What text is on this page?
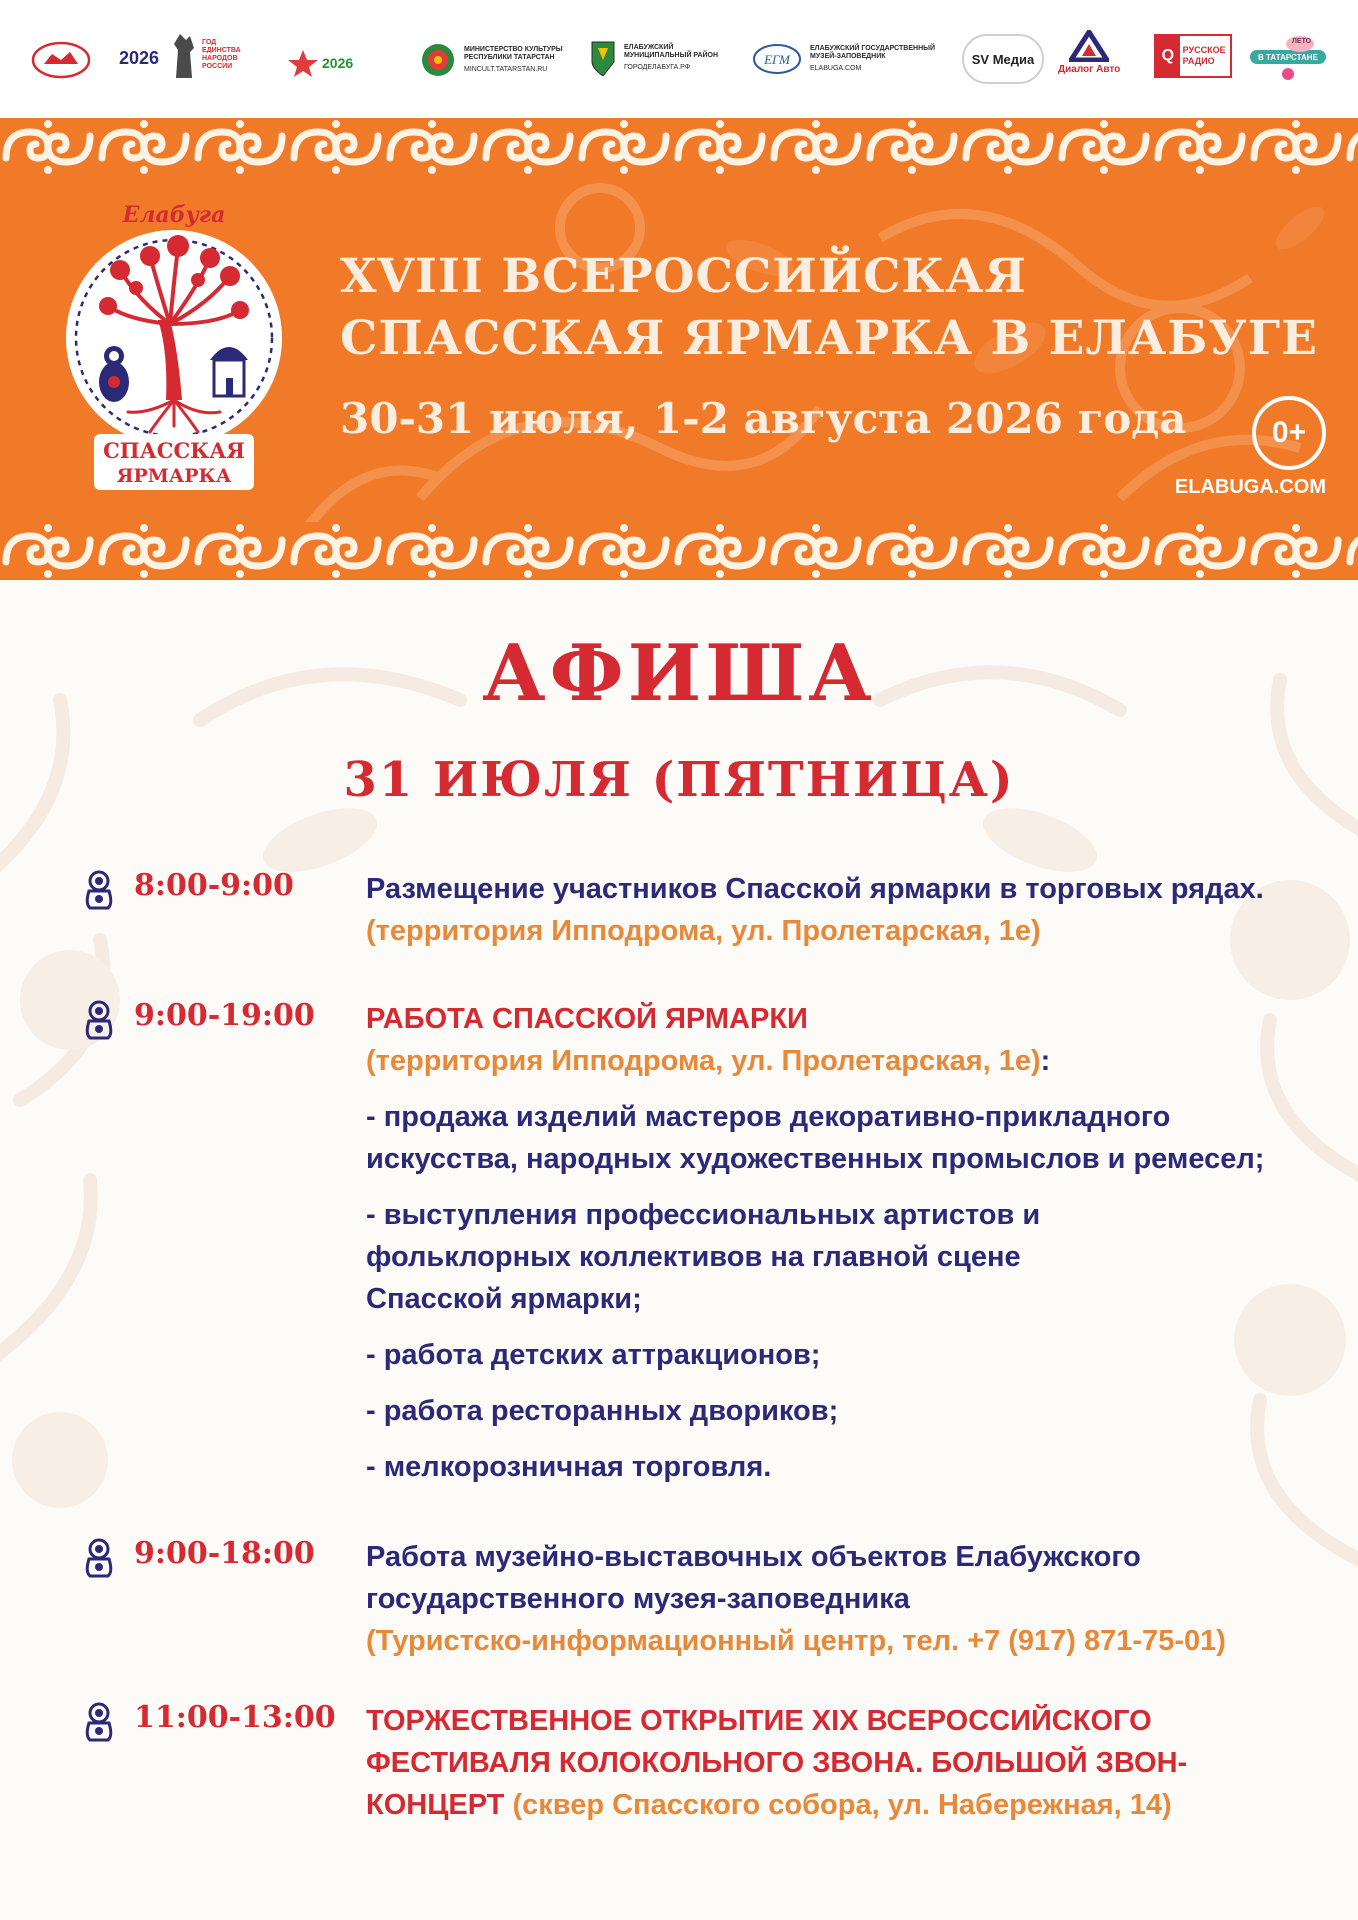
2026
ГОД ЕДИНСТВА НАРОДОВ РОССИИ	2026
МИНИСТЕРСТВО КУЛЬТУРЫ РЕСПУБЛИКИ ТАТАРСТАН
MINCULT.TATARSTAN.RU
ЕЛАБУЖСКИЙ МУНИЦИПАЛЬНЫЙ РАЙОН
ГОРОДЕЛАБУГА.РФ
ЕГМ
ЕЛАБУЖСКИЙ ГОСУДАРСТВЕННЫЙ МУЗЕЙ-ЗАПОВЕДНИК
ELABUGA.COM
SV Медиа
Диалог Авто
Q РУССКОЕ РАДИО
ЛЕТО
В ТАТАРСТАНЕ
Елабуга
СПАССКАЯ
ЯРМАРКА
XVIII ВСЕРОССИЙСКАЯ
СПАССКАЯ ЯРМАРКА В ЕЛАБУГЕ
30-31 июля, 1-2 августа 2026 года	0+
ELABUGA.COM
АФИША
31 ИЮЛЯ (ПЯТНИЦА)
8:00-9:00 Размещение участников Спасской ярмарки в торговых рядах. (территория Ипподрома, ул. Пролетарская, 1е)
9:00-19:00 РАБОТА СПАССКОЙ ЯРМАРКИ

(территория Ипподрома, ул. Пролетарская, 1е):

- продажа изделий мастеров декоративно-прикладного искусства, народных художественных промыслов и ремесел;

- выступления профессиональных артистов и фольклорных коллективов на главной сцене Спасской ярмарки;

- работа детских аттракционов;

- работа ресторанных двориков;

- мелкорозничная торговля.

9:00-18:00 Работа музейно-выставочных объектов Елабужского государственного музея-заповедника

(Туристско-информационный центр, тел. +7 (917) 871-75-01)

11:00-13:00 ТОРЖЕСТВЕННОЕ ОТКРЫТИЕ XIX ВСЕРОССИЙСКОГО ФЕСТИВАЛЯ КОЛОКОЛЬНОГО ЗВОНА. БОЛЬШОЙ ЗВОН-КОНЦЕРТ (сквер Спасского собора, ул. Набережная, 14)
